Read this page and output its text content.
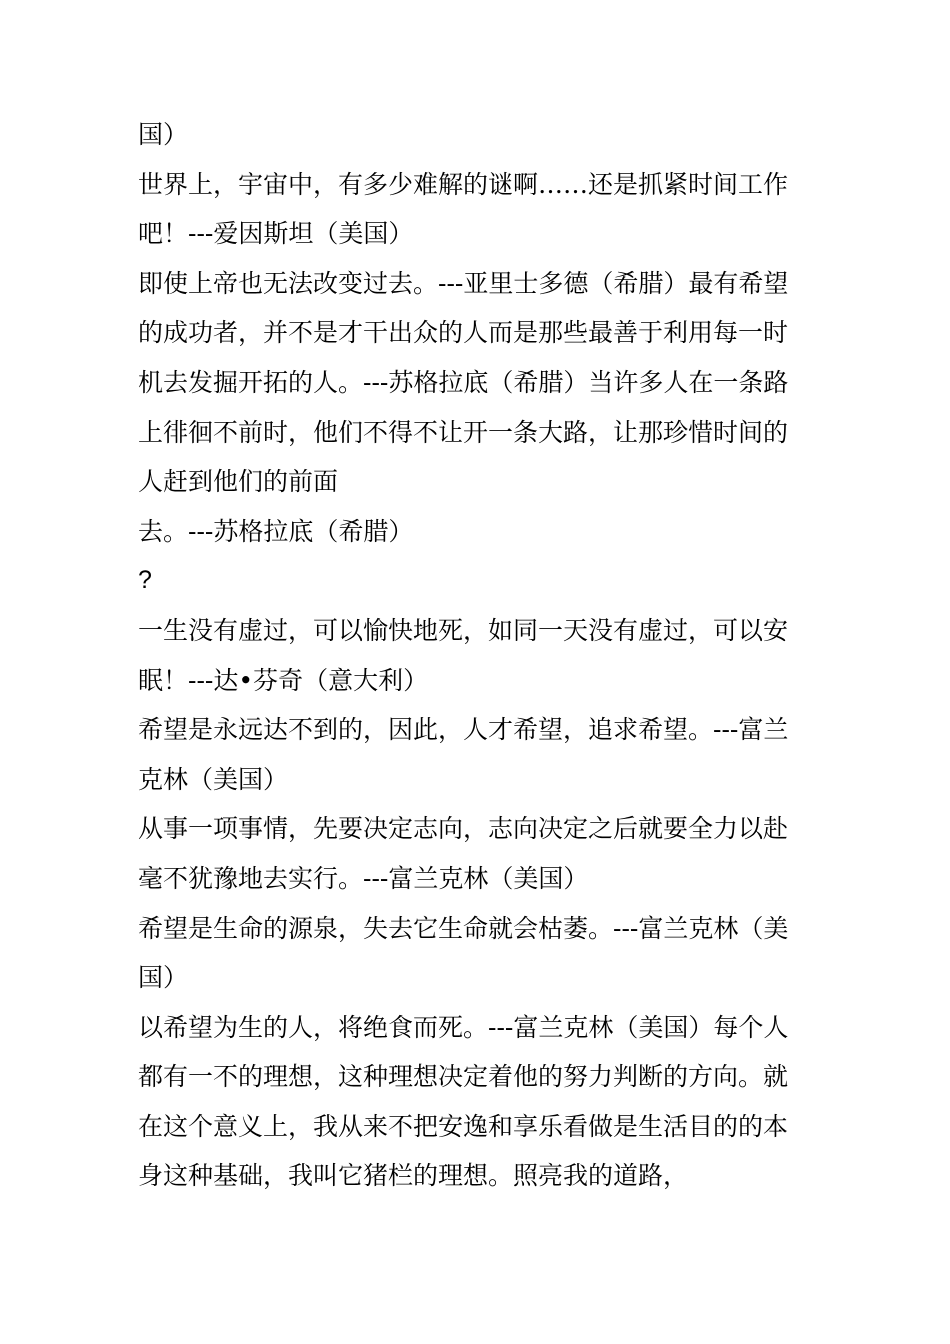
国）
世界上，宇宙中，有多少难解的谜啊……还是抓紧时间工作
吧！---爱因斯坦（美国）
即使上帝也无法改变过去。---亚里士多德（希腊）最有希望
的成功者，并不是才干出众的人而是那些最善于利用每一时
机去发掘开拓的人。---苏格拉底（希腊）当许多人在一条路
上徘徊不前时，他们不得不让开一条大路，让那珍惜时间的
人赶到他们的前面
去。---苏格拉底（希腊）
?
一生没有虚过，可以愉快地死，如同一天没有虚过，可以安
眠！---达•芬奇（意大利）
希望是永远达不到的，因此，人才希望，追求希望。---富兰
克林（美国）
从事一项事情，先要决定志向，志向决定之后就要全力以赴
毫不犹豫地去实行。---富兰克林（美国）
希望是生命的源泉，失去它生命就会枯萎。---富兰克林（美
国）
以希望为生的人，将绝食而死。---富兰克林（美国）每个人
都有一不的理想，这种理想决定着他的努力判断的方向。就
在这个意义上，我从来不把安逸和享乐看做是生活目的的本
身这种基础，我叫它猪栏的理想。照亮我的道路，
